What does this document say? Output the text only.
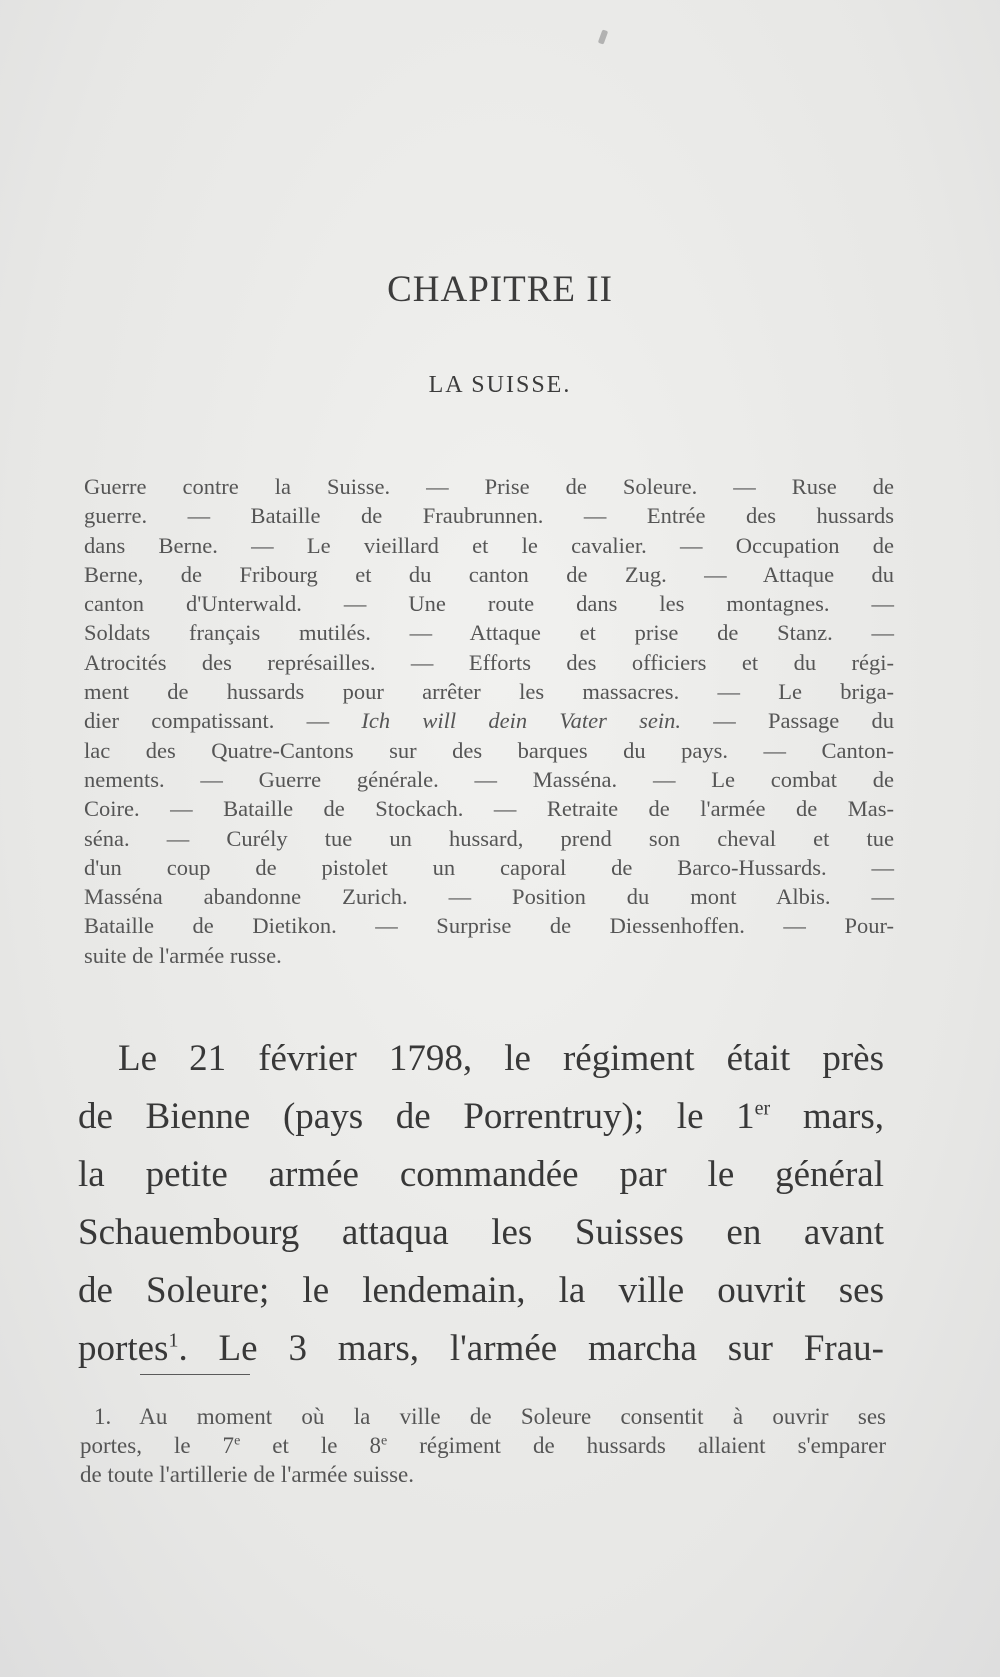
CHAPITRE II
LA SUISSE.
Guerre contre la Suisse. — Prise de Soleure. — Ruse de
guerre. — Bataille de Fraubrunnen. — Entrée des hussards
dans Berne. — Le vieillard et le cavalier. — Occupation de
Berne, de Fribourg et du canton de Zug. — Attaque du
canton d'Unterwald. — Une route dans les montagnes. —
Soldats français mutilés. — Attaque et prise de Stanz. —
Atrocités des représailles. — Efforts des officiers et du régi-
ment de hussards pour arrêter les massacres. — Le briga-
dier compatissant. — Ich will dein Vater sein. — Passage du
lac des Quatre-Cantons sur des barques du pays. — Canton-
nements. — Guerre générale. — Masséna. — Le combat de
Coire. — Bataille de Stockach. — Retraite de l'armée de Mas-
séna. — Curély tue un hussard, prend son cheval et tue
d'un coup de pistolet un caporal de Barco-Hussards. —
Masséna abandonne Zurich. — Position du mont Albis. —
Bataille de Dietikon. — Surprise de Diessenhoffen. — Pour-
suite de l'armée russe.
Le 21 février 1798, le régiment était près
de Bienne (pays de Porrentruy); le 1er mars,
la petite armée commandée par le général
Schauembourg attaqua les Suisses en avant
de Soleure; le lendemain, la ville ouvrit ses
portes$^1$. Le 3 mars, l'armée marcha sur Frau-
1. Au moment où la ville de Soleure consentit à ouvrir ses
portes, le 7e et le 8e régiment de hussards allaient s'emparer
de toute l'artillerie de l'armée suisse.
